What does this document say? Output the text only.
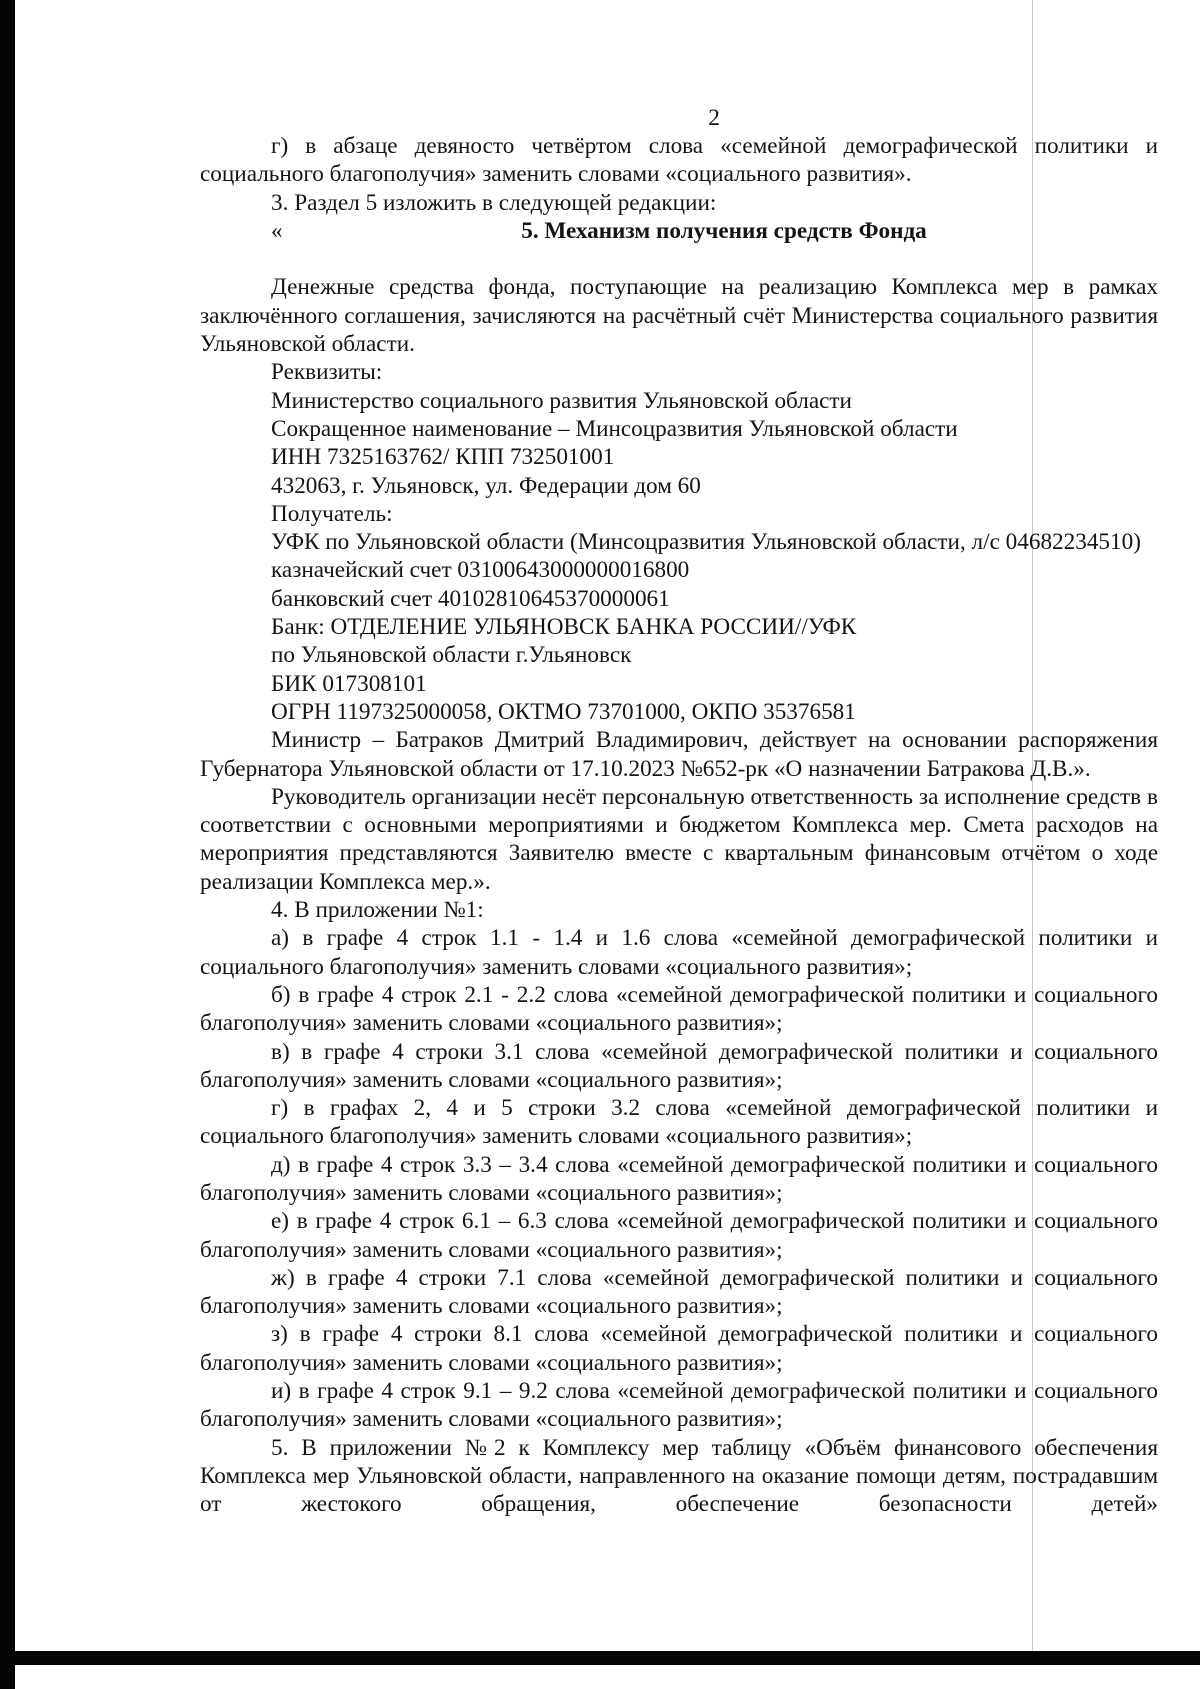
2

г) в абзаце девяносто четвёртом слова «семейной демографической политики и социального благополучия» заменить словами «социального развития».

3. Раздел 5 изложить в следующей редакции:

«	5. Механизм получения средств Фонда

Денежные средства фонда, поступающие на реализацию Комплекса мер в рамках заключённого соглашения, зачисляются на расчётный счёт Министерства социального развития Ульяновской области.

Реквизиты:

Министерство социального развития Ульяновской области

Сокращенное наименование – Минсоцразвития Ульяновской области

ИНН 7325163762/ КПП 732501001

432063, г. Ульяновск, ул. Федерации дом 60

Получатель:

УФК по Ульяновской области (Минсоцразвития Ульяновской области, л/с 04682234510)

казначейский счет 03100643000000016800

банковский счет 40102810645370000061

Банк: ОТДЕЛЕНИЕ УЛЬЯНОВСК БАНКА РОССИИ//УФК

по Ульяновской области г.Ульяновск

БИК 017308101

ОГРН 1197325000058, ОКТМО 73701000, ОКПО 35376581

Министр – Батраков Дмитрий Владимирович, действует на основании распоряжения Губернатора Ульяновской области от 17.10.2023 №652-рк «О назначении Батракова Д.В.».

Руководитель организации несёт персональную ответственность за исполнение средств в соответствии с основными мероприятиями и бюджетом Комплекса мер. Смета расходов на мероприятия представляются Заявителю вместе с квартальным финансовым отчётом о ходе реализации Комплекса мер.».

4. В приложении №1:

а) в графе 4 строк 1.1 - 1.4 и 1.6 слова «семейной демографической политики и социального благополучия» заменить словами «социального развития»;

б) в графе 4 строк 2.1 - 2.2 слова «семейной демографической политики и социального благополучия» заменить словами «социального развития»;

в) в графе 4 строки 3.1 слова «семейной демографической политики и социального благополучия» заменить словами «социального развития»;

г) в графах 2, 4 и 5 строки 3.2 слова «семейной демографической политики и социального благополучия» заменить словами «социального развития»;

д) в графе 4 строк 3.3 – 3.4 слова «семейной демографической политики и социального благополучия» заменить словами «социального развития»;

е) в графе 4 строк 6.1 – 6.3 слова «семейной демографической политики и социального благополучия» заменить словами «социального развития»;

ж) в графе 4 строки 7.1 слова «семейной демографической политики и социального благополучия» заменить словами «социального развития»;

з) в графе 4 строки 8.1 слова «семейной демографической политики и социального благополучия» заменить словами «социального развития»;

и) в графе 4 строк 9.1 – 9.2 слова «семейной демографической политики и социального благополучия» заменить словами «социального развития»;

5. В приложении №2 к Комплексу мер таблицу «Объём финансового обеспечения Комплекса мер Ульяновской области, направленного на оказание помощи детям, пострадавшим от жестокого обращения, обеспечение безопасности детей»
